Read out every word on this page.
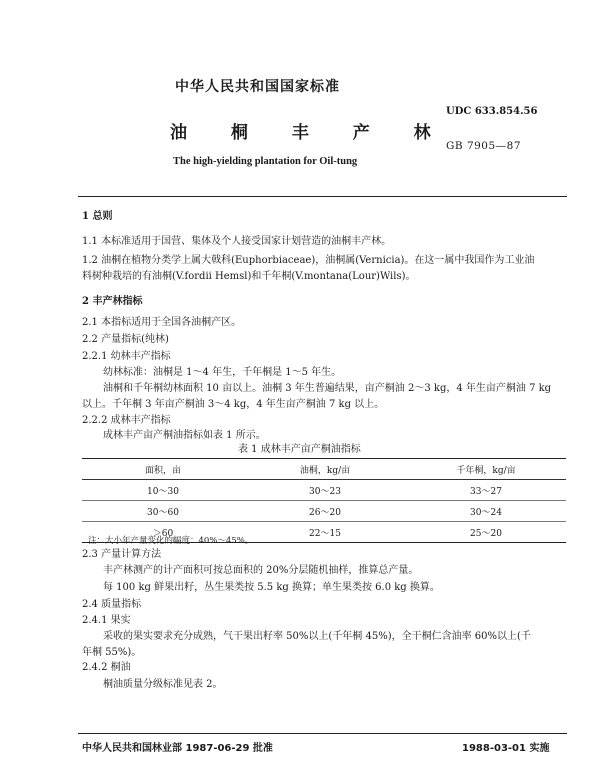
中华人民共和国国家标准
油 桐 丰 产 林
The high-yielding plantation for Oil-tung
UDC 633.854.56
GB 7905—87
1 总则
1.1 本标准适用于国营、集体及个人接受国家计划营造的油桐丰产林。
1.2 油桐在植物分类学上属大戟科(Euphorbiaceae)，油桐属(Vernicia)。在这一属中我国作为工业油
料树种栽培的有油桐(V.fordii Hemsl)和千年桐(V.montana(Lour)Wils)。
2 丰产林指标
2.1 本指标适用于全国各油桐产区。
2.2 产量指标(纯林)
2.2.1 幼林丰产指标
幼林标准：油桐是 1～4 年生，千年桐是 1～5 年生。
油桐和千年桐幼林面积 10 亩以上。油桐 3 年生普遍结果，亩产桐油 2～3 kg，4 年生亩产桐油 7 kg
以上。千年桐 3 年亩产桐油 3～4 kg，4 年生亩产桐油 7 kg 以上。
2.2.2 成林丰产指标
成林丰产亩产桐油指标如表 1 所示。
表 1 成林丰产亩产桐油指标
面积，亩	油桐，kg/亩	千年桐，kg/亩
10～30	30～23	33～27
30～60	26～20	30～24
＞60	22～15	25～20
注：大小年产量变化的幅度：40%～45%。
2.3 产量计算方法
丰产林测产的计产面积可按总面积的 20%分层随机抽样，推算总产量。
每 100 kg 鲜果出籽，丛生果类按 5.5 kg 换算；单生果类按 6.0 kg 换算。
2.4 质量指标
2.4.1 果实
采收的果实要求充分成熟，气干果出籽率 50%以上(千年桐 45%)，全干桐仁含油率 60%以上(千
年桐 55%)。
2.4.2 桐油
桐油质量分级标准见表 2。
中华人民共和国林业部 1987-06-29 批准	1988-03-01 实施
